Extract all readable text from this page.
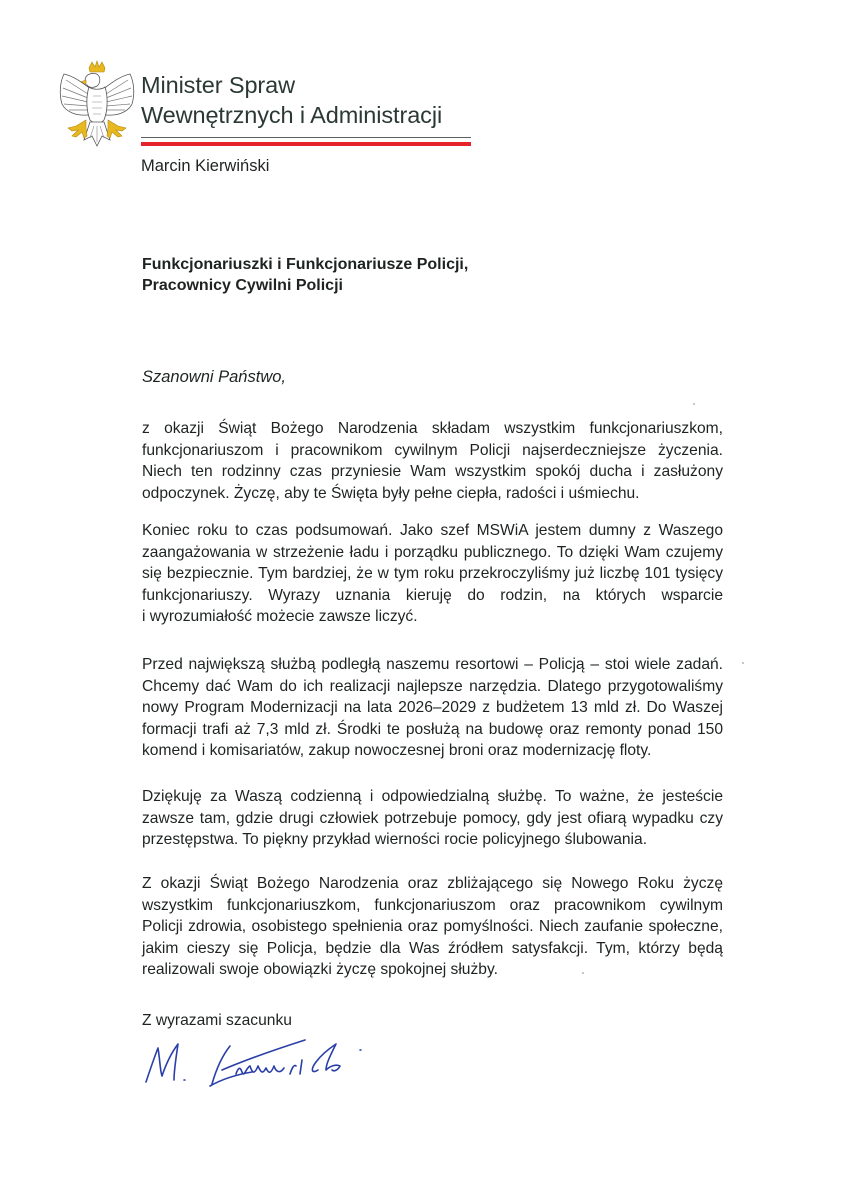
Minister Spraw
Wewnętrznych i Administracji
Marcin Kierwiński
Funkcjonariuszki i Funkcjonariusze Policji,
Pracownicy Cywilni Policji
Szanowni Państwo,
z okazji Świąt Bożego Narodzenia składam wszystkim funkcjonariuszkom,
funkcjonariuszom i pracownikom cywilnym Policji najserdeczniejsze życzenia.
Niech ten rodzinny czas przyniesie Wam wszystkim spokój ducha i zasłużony
odpoczynek. Życzę, aby te Święta były pełne ciepła, radości i uśmiechu.
Koniec roku to czas podsumowań. Jako szef MSWiA jestem dumny z Waszego
zaangażowania w strzeżenie ładu i porządku publicznego. To dzięki Wam czujemy
się bezpiecznie. Tym bardziej, że w tym roku przekroczyliśmy już liczbę 101 tysięcy
funkcjonariuszy. Wyrazy uznania kieruję do rodzin, na których wsparcie
i wyrozumiałość możecie zawsze liczyć.
Przed największą służbą podległą naszemu resortowi – Policją – stoi wiele zadań.
Chcemy dać Wam do ich realizacji najlepsze narzędzia. Dlatego przygotowaliśmy
nowy Program Modernizacji na lata 2026–2029 z budżetem 13 mld zł. Do Waszej
formacji trafi aż 7,3 mld zł. Środki te posłużą na budowę oraz remonty ponad 150
komend i komisariatów, zakup nowoczesnej broni oraz modernizację floty.
Dziękuję za Waszą codzienną i odpowiedzialną służbę. To ważne, że jesteście
zawsze tam, gdzie drugi człowiek potrzebuje pomocy, gdy jest ofiarą wypadku czy
przestępstwa. To piękny przykład wierności rocie policyjnego ślubowania.
Z okazji Świąt Bożego Narodzenia oraz zbliżającego się Nowego Roku życzę
wszystkim funkcjonariuszkom, funkcjonariuszom oraz pracownikom cywilnym
Policji zdrowia, osobistego spełnienia oraz pomyślności. Niech zaufanie społeczne,
jakim cieszy się Policja, będzie dla Was źródłem satysfakcji. Tym, którzy będą
realizowali swoje obowiązki życzę spokojnej służby.
Z wyrazami szacunku
